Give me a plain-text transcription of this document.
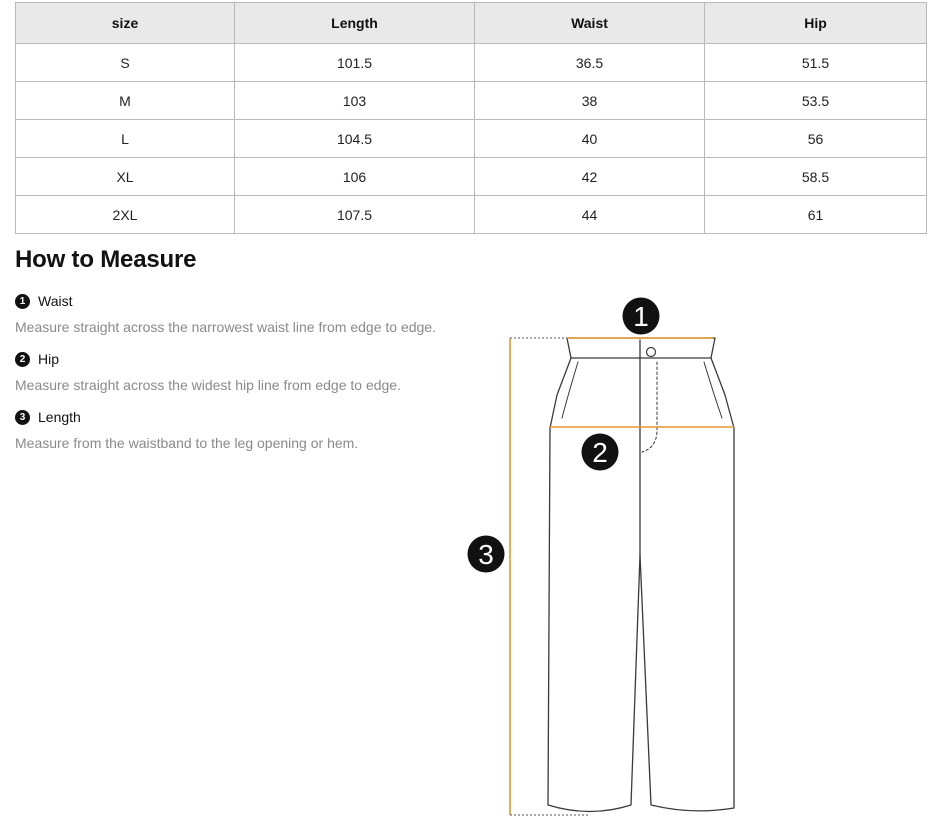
size	Length	Waist	Hip
S	101.5	36.5	51.5
M	103	38	53.5
L	104.5	40	56
XL	106	42	58.5
2XL	107.5	44	61
How to Measure
1 Waist
Measure straight across the narrowest waist line from edge to edge.
2 Hip
Measure straight across the widest hip line from edge to edge.
3 Length
Measure from the waistband to the leg opening or hem.
1
2
3
